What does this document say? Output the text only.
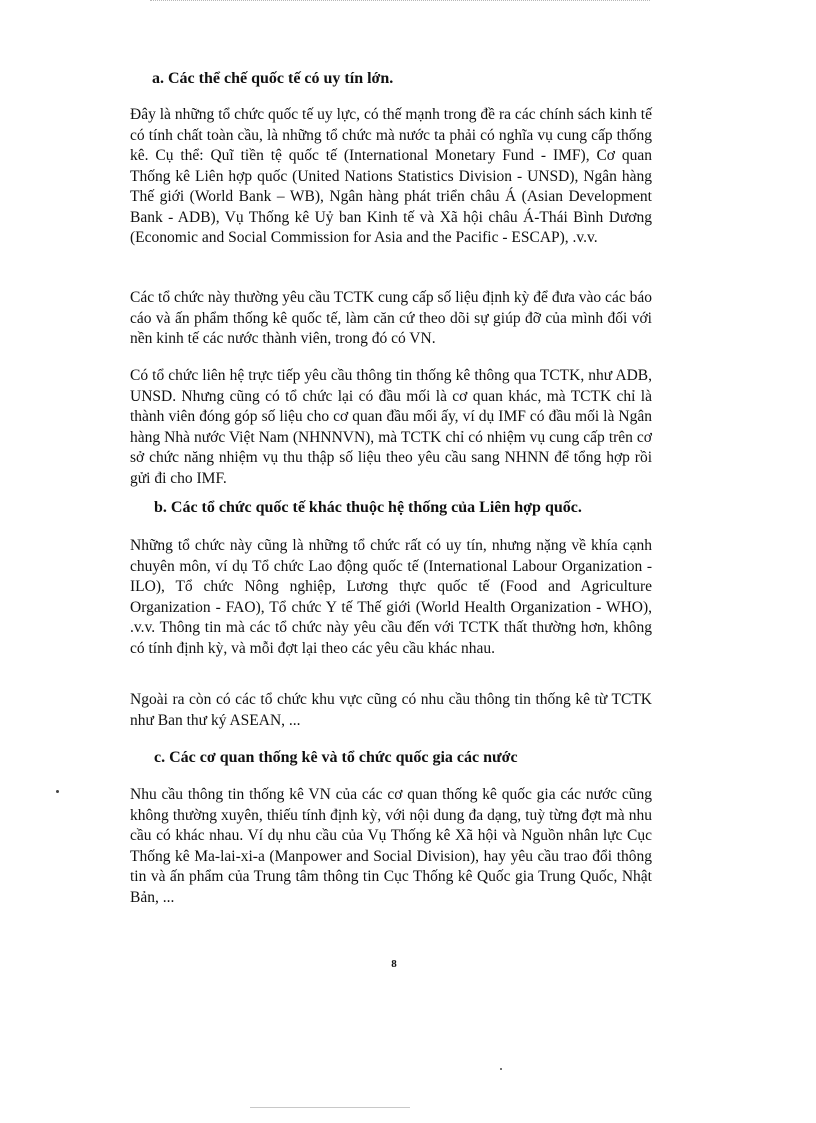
a. Các thể chế quốc tế có uy tín lớn.

Đây là những tổ chức quốc tế uy lực, có thế mạnh trong đề ra các chính sách kinh tế có tính chất toàn cầu, là những tổ chức mà nước ta phải có nghĩa vụ cung cấp thống kê. Cụ thể: Quĩ tiền tệ quốc tế (International Monetary Fund - IMF), Cơ quan Thống kê Liên hợp quốc (United Nations Statistics Division - UNSD), Ngân hàng Thế giới (World Bank – WB), Ngân hàng phát triển châu Á (Asian Development Bank - ADB), Vụ Thống kê Uỷ ban Kinh tế và Xã hội châu Á-Thái Bình Dương (Economic and Social Commission for Asia and the Pacific - ESCAP), .v.v.

Các tổ chức này thường yêu cầu TCTK cung cấp số liệu định kỳ để đưa vào các báo cáo và ấn phẩm thống kê quốc tế, làm căn cứ theo dõi sự giúp đỡ của mình đối với nền kinh tế các nước thành viên, trong đó có VN.

Có tổ chức liên hệ trực tiếp yêu cầu thông tin thống kê thông qua TCTK, như ADB, UNSD. Nhưng cũng có tổ chức lại có đầu mối là cơ quan khác, mà TCTK chỉ là thành viên đóng góp số liệu cho cơ quan đầu mối ấy, ví dụ IMF có đầu mối là Ngân hàng Nhà nước Việt Nam (NHNNVN), mà TCTK chỉ có nhiệm vụ cung cấp trên cơ sở chức năng nhiệm vụ thu thập số liệu theo yêu cầu sang NHNN để tổng hợp rồi gửi đi cho IMF.

b. Các tổ chức quốc tế khác thuộc hệ thống của Liên hợp quốc.

Những tổ chức này cũng là những tổ chức rất có uy tín, nhưng nặng về khía cạnh chuyên môn, ví dụ Tổ chức Lao động quốc tế (International Labour Organization - ILO), Tổ chức Nông nghiệp, Lương thực quốc tế (Food and Agriculture Organization - FAO), Tổ chức Y tế Thế giới (World Health Organization - WHO), .v.v. Thông tin mà các tổ chức này yêu cầu đến với TCTK thất thường hơn, không có tính định kỳ, và mỗi đợt lại theo các yêu cầu khác nhau.

Ngoài ra còn có các tổ chức khu vực cũng có nhu cầu thông tin thống kê từ TCTK như Ban thư ký ASEAN, ...

c. Các cơ quan thống kê và tổ chức quốc gia các nước

Nhu cầu thông tin thống kê VN của các cơ quan thống kê quốc gia các nước cũng không thường xuyên, thiếu tính định kỳ, với nội dung đa dạng, tuỳ từng đợt mà nhu cầu có khác nhau. Ví dụ nhu cầu của Vụ Thống kê Xã hội và Nguồn nhân lực Cục Thống kê Ma-lai-xi-a (Manpower and Social Division), hay yêu cầu trao đổi thông tin và ấn phẩm của Trung tâm thông tin Cục Thống kê Quốc gia Trung Quốc, Nhật Bản, ...

8
